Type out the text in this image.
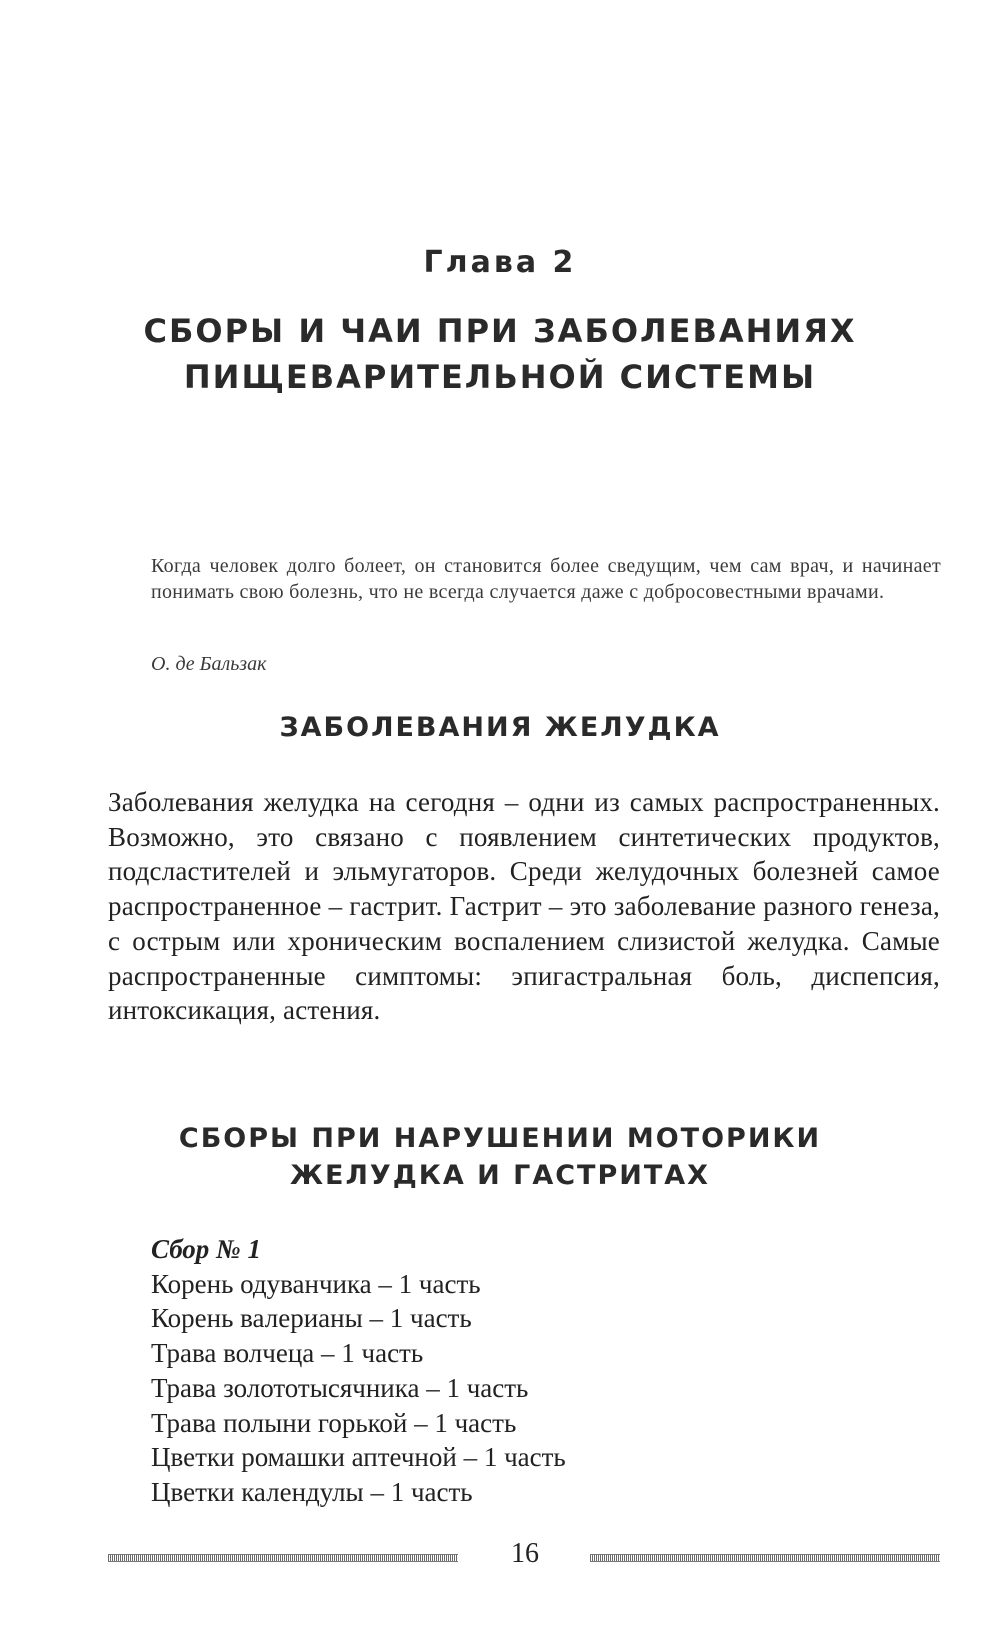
Глава 2
СБОРЫ И ЧАИ ПРИ ЗАБОЛЕВАНИЯХ
ПИЩЕВАРИТЕЛЬНОЙ СИСТЕМЫ
Когда человек долго болеет, он становится более сведущим, чем сам врач, и начинает понимать свою болезнь, что не всегда случается даже с добросовестными врачами.
О. де Бальзак
ЗАБОЛЕВАНИЯ ЖЕЛУДКА
Заболевания желудка на сегодня – одни из самых распространенных. Возможно, это связано с появлением синтетических продуктов, подсластителей и эльмугаторов. Среди желудочных болезней самое распространенное – гастрит. Гастрит – это заболевание разного генеза, с острым или хроническим воспалением слизистой желудка. Самые распространенные симптомы: эпигастральная боль, диспепсия, интоксикация, астения.
СБОРЫ ПРИ НАРУШЕНИИ МОТОРИКИ
ЖЕЛУДКА И ГАСТРИТАХ
Сбор № 1
Корень одуванчика – 1 часть
Корень валерианы – 1 часть
Трава волчеца – 1 часть
Трава золототысячника – 1 часть
Трава полыни горькой – 1 часть
Цветки ромашки аптечной – 1 часть
Цветки календулы – 1 часть
16
